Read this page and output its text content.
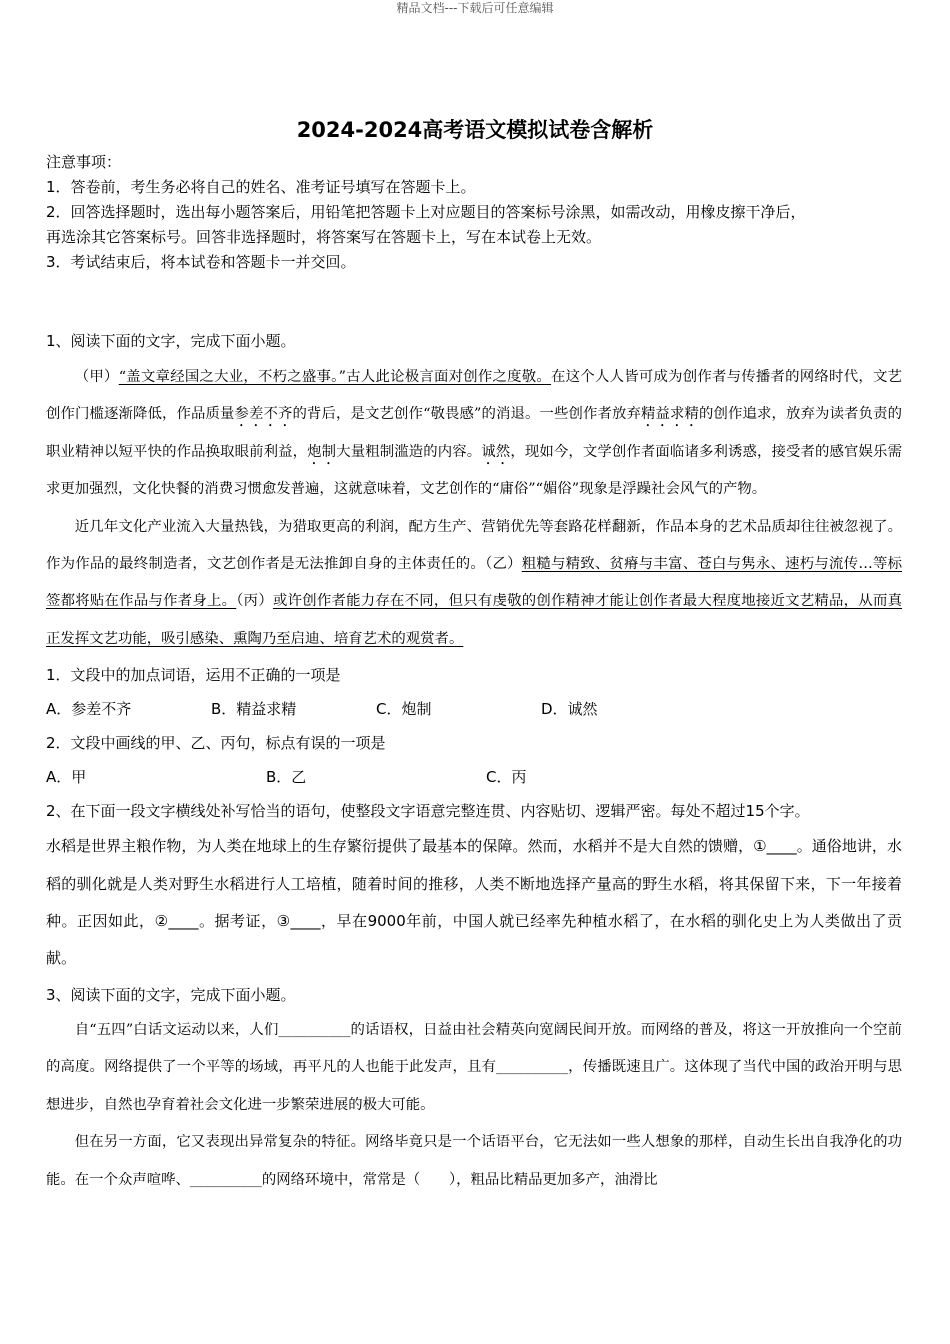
精品文档---下载后可任意编辑
2024-2024高考语文模拟试卷含解析
注意事项：
1．答卷前，考生务必将自己的姓名、准考证号填写在答题卡上。
2．回答选择题时，选出每小题答案后，用铅笔把答题卡上对应题目的答案标号涂黑，如需改动，用橡皮擦干净后，
再选涂其它答案标号。回答非选择题时，将答案写在答题卡上，写在本试卷上无效。
3．考试结束后，将本试卷和答题卡一并交回。
1、阅读下面的文字，完成下面小题。

（甲）“盖文章经国之大业，不朽之盛事。”古人此论极言面对创作之度敬。在这个人人皆可成为创作者与传播者的网络时代，文艺创作门槛逐渐降低，作品质量参差不齐的背后，是文艺创作“敬畏感”的消退。一些创作者放弃精益求精的创作追求，放弃为读者负责的职业精神以短平快的作品换取眼前利益，炮制大量粗制滥造的内容。诚然，现如今，文学创作者面临诸多利诱惑，接受者的感官娱乐需求更加强烈，文化快餐的消费习惯愈发普遍，这就意味着，文艺创作的“庸俗”“媚俗”现象是浮躁社会风气的产物。

近几年文化产业流入大量热钱，为猎取更高的利润，配方生产、营销优先等套路花样翻新，作品本身的艺术品质却往往被忽视了。作为作品的最终制造者，文艺创作者是无法推卸自身的主体责任的。（乙）粗糙与精致、贫瘠与丰富、苍白与隽永、速朽与流传…等标签都将贴在作品与作者身上。（丙）或许创作者能力存在不同，但只有虔敬的创作精神才能让创作者最大程度地接近文艺精品，从而真正发挥文艺功能，吸引感染、熏陶乃至启迪、培育艺术的观赏者。

1．文段中的加点词语，运用不正确的一项是
A．参差不齐	B．精益求精	C．炮制	D．诚然
2．文段中画线的甲、乙、丙句，标点有误的一项是
A．甲	B．乙	C．丙
2、在下面一段文字横线处补写恰当的语句，使整段文字语意完整连贯、内容贴切、逻辑严密。每处不超过15个字。

水稻是世界主粮作物，为人类在地球上的生存繁衍提供了最基本的保障。然而，水稻并不是大自然的馈赠，①____。通俗地讲，水稻的驯化就是人类对野生水稻进行人工培植，随着时间的推移，人类不断地选择产量高的野生水稻，将其保留下来，下一年接着种。正因如此，②____。据考证，③____，早在9000年前，中国人就已经率先种植水稻了，在水稻的驯化史上为人类做出了贡献。

3、阅读下面的文字，完成下面小题。

自“五四”白话文运动以来，人们__________的话语权，日益由社会精英向宽阔民间开放。而网络的普及，将这一开放推向一个空前的高度。网络提供了一个平等的场域，再平凡的人也能于此发声，且有__________，传播既速且广。这体现了当代中国的政治开明与思想进步，自然也孕育着社会文化进一步繁荣进展的极大可能。

但在另一方面，它又表现出异常复杂的特征。网络毕竟只是一个话语平台，它无法如一些人想象的那样，自动生长出自我净化的功能。在一个众声喧哗、__________的网络环境中，常常是（　　），粗品比精品更加多产，油滑比
